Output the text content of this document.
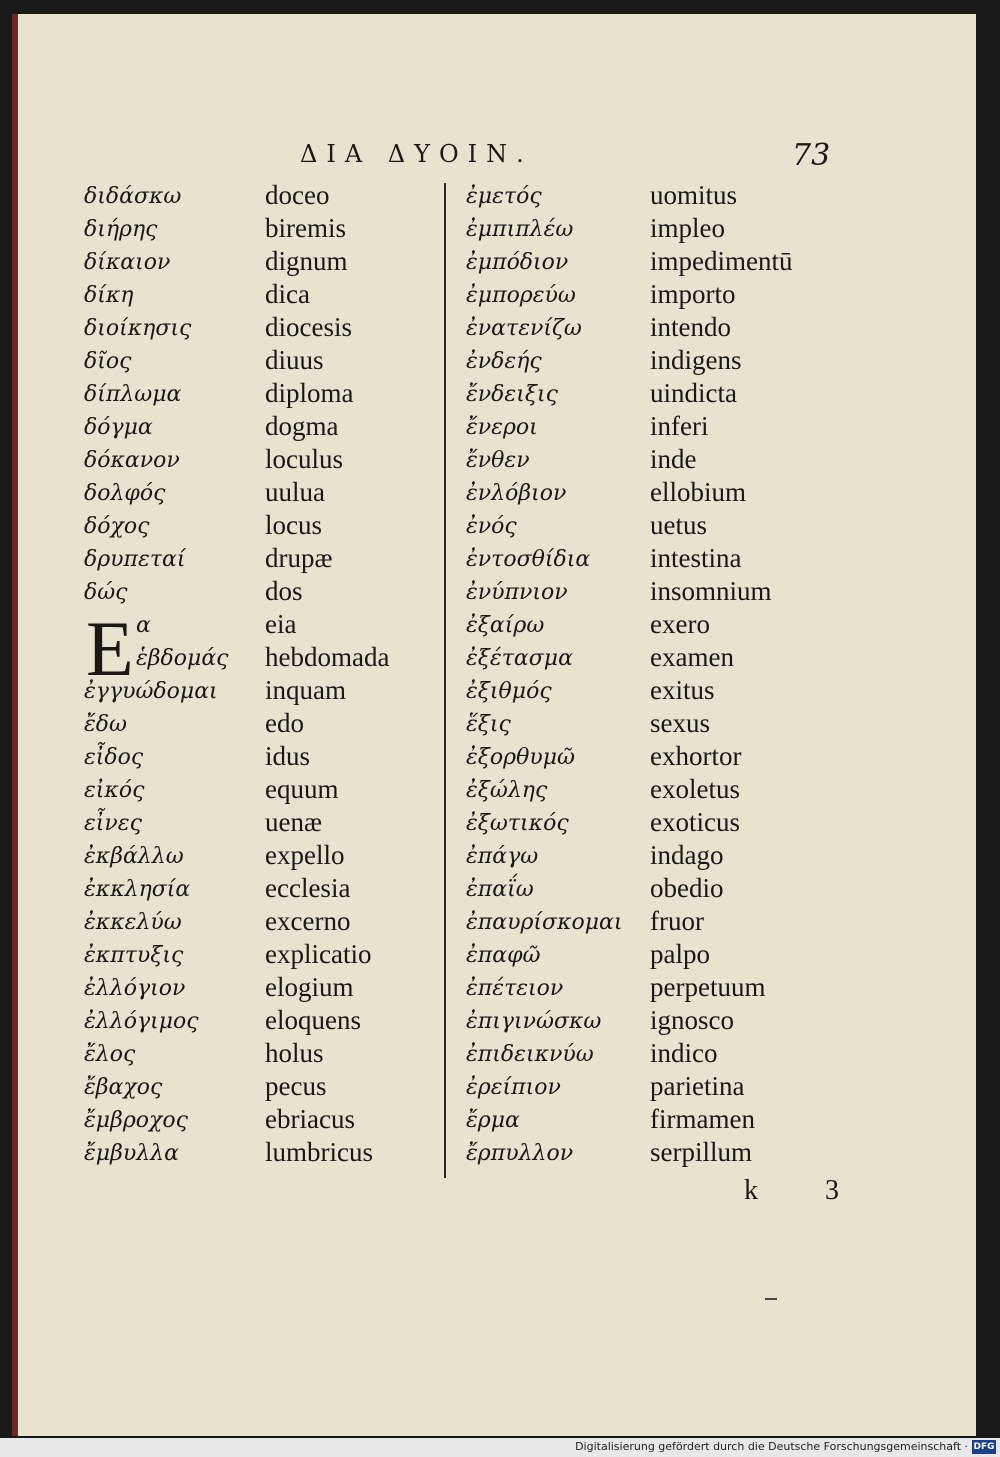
ΔΙΑ ΔΥΟΙΝ.	73
διδάσκω	doceo
διήρης	biremis
δίκαιον	dignum
δίκη	dica
διοίκησις	diocesis
δῖος	diuus
δίπλωμα	diploma
δόγμα	dogma
δόκανον	loculus
δολφός	uulua
δόχος	locus
δρυπεταί	drupæ
δώς	dos
α	eia
ἑβδομάς hebdomada
ἐγγυώδομαι inquam
ἔδω	edo
εἶδος	idus
εἰκός	equum
εἶνες	uenæ
ἐκβάλλω	expello
ἐκκλησία	ecclesia
ἐκκελύω	excerno
ἐκπτυξις	explicatio
ἐλλόγιον	elogium
ἐλλόγιμος eloquens
ἔλος	holus
ἔβαχος	pecus
ἔμβροχος	ebriacus
ἔμβυλλα	lumbricus
ἐμετός	uomitus
ἐμπιπλέω	impleo
ἐμπόδιον	impedimentū
ἐμπορεύω	importo
ἐνατενίζω	intendo
ἐνδεής	indigens
ἔνδειξις	uindicta
ἔνεροι	inferi
ἔνθεν	inde
ἐνλόβιον	ellobium
ἐνός	uetus
ἐντοσθίδια intestina
ἐνύπνιον	insomnium
ἐξαίρω	exero
ἐξέτασμα	examen
ἐξιθμός	exitus
ἕξις	sexus
ἐξορθυμῶ	exhortor
ἐξώλης	exoletus
ἐξωτικός	exoticus
ἐπάγω	indago
ἐπαΐω	obedio
ἐπαυρίσκομαι fruor
ἐπαφῶ	palpo
ἐπέτειον	perpetuum
ἐπιγινώσκω ignosco
ἐπιδεικνύω indico
ἐρείπιον	parietina
ἔρμα	firmamen
ἔρπυλλον	serpillum
E
k 3
Digitalisierung gefördert durch die Deutsche Forschungsgemeinschaft · DFG
